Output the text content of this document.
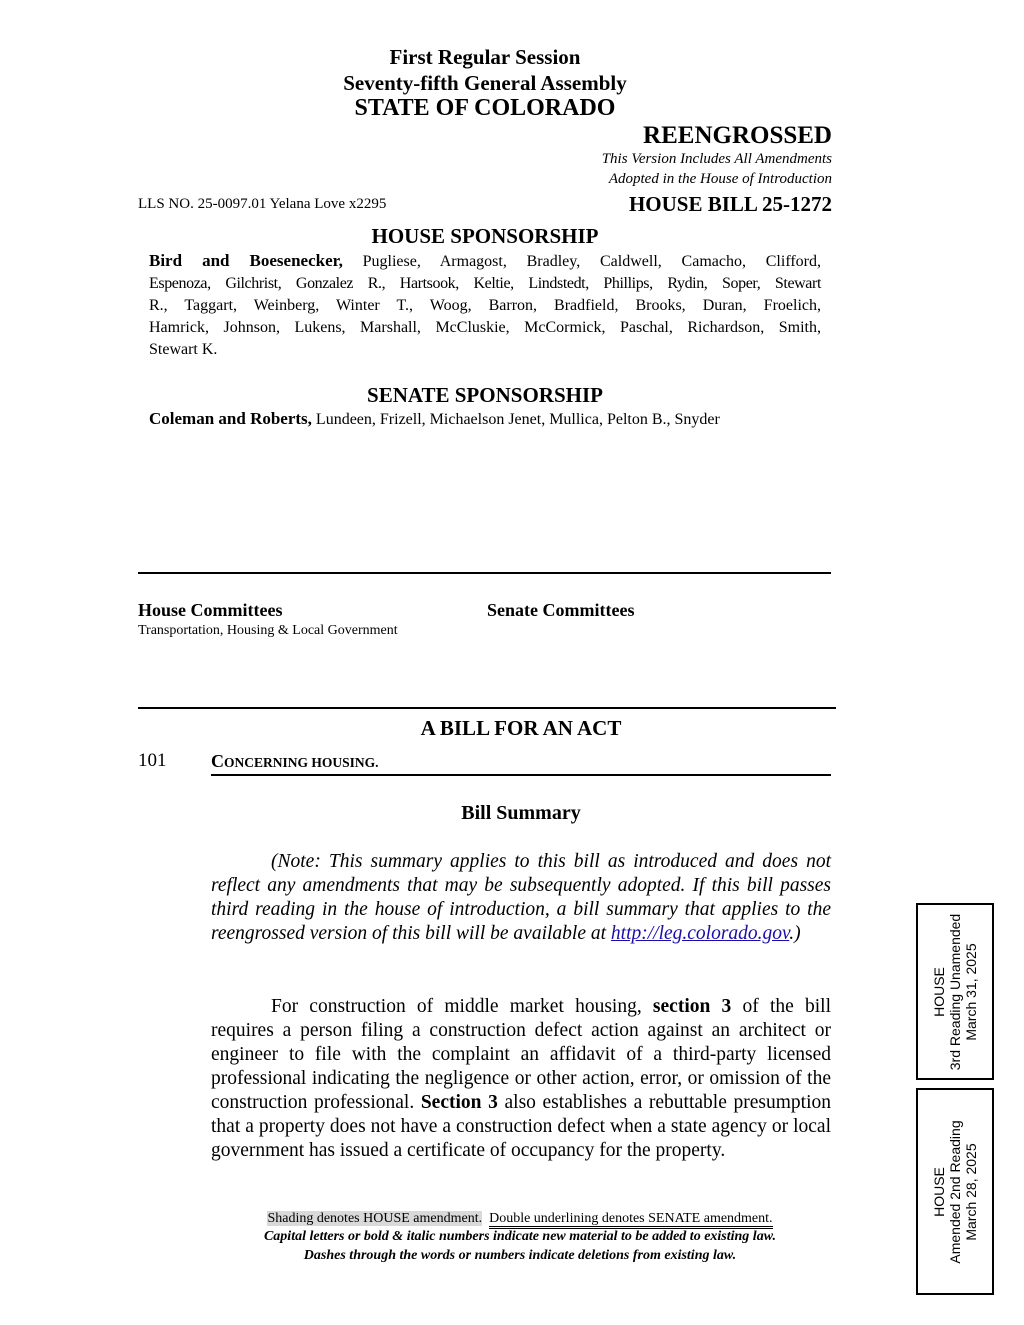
First Regular Session
Seventy-fifth General Assembly
STATE OF COLORADO
REENGROSSED
This Version Includes All Amendments
Adopted in the House of Introduction
LLS NO. 25-0097.01 Yelana Love x2295	HOUSE BILL 25-1272
HOUSE SPONSORSHIP
Bird and Boesenecker, Pugliese, Armagost, Bradley, Caldwell, Camacho, Clifford,
Espenoza, Gilchrist, Gonzalez R., Hartsook, Keltie, Lindstedt, Phillips, Rydin, Soper, Stewart
R., Taggart, Weinberg, Winter T., Woog, Barron, Bradfield, Brooks, Duran, Froelich,
Hamrick, Johnson, Lukens, Marshall, McCluskie, McCormick, Paschal, Richardson, Smith,
Stewart K.
SENATE SPONSORSHIP
Coleman and Roberts, Lundeen, Frizell, Michaelson Jenet, Mullica, Pelton B., Snyder
House Committees
Transportation, Housing & Local Government
Senate Committees
A BILL FOR AN ACT
101 CONCERNING HOUSING.
Bill Summary
(Note: This summary applies to this bill as introduced and does not reflect any amendments that may be subsequently adopted. If this bill passes third reading in the house of introduction, a bill summary that applies to the reengrossed version of this bill will be available at http://leg.colorado.gov.)
For construction of middle market housing, section 3 of the bill requires a person filing a construction defect action against an architect or engineer to file with the complaint an affidavit of a third-party licensed professional indicating the negligence or other action, error, or omission of the construction professional. Section 3 also establishes a rebuttable presumption that a property does not have a construction defect when a state agency or local government has issued a certificate of occupancy for the property.
HOUSE 3rd Reading Unamended March 31, 2025
HOUSE Amended 2nd Reading March 28, 2025
Shading denotes HOUSE amendment. Double underlining denotes SENATE amendment.
Capital letters or bold & italic numbers indicate new material to be added to existing law.
Dashes through the words or numbers indicate deletions from existing law.
